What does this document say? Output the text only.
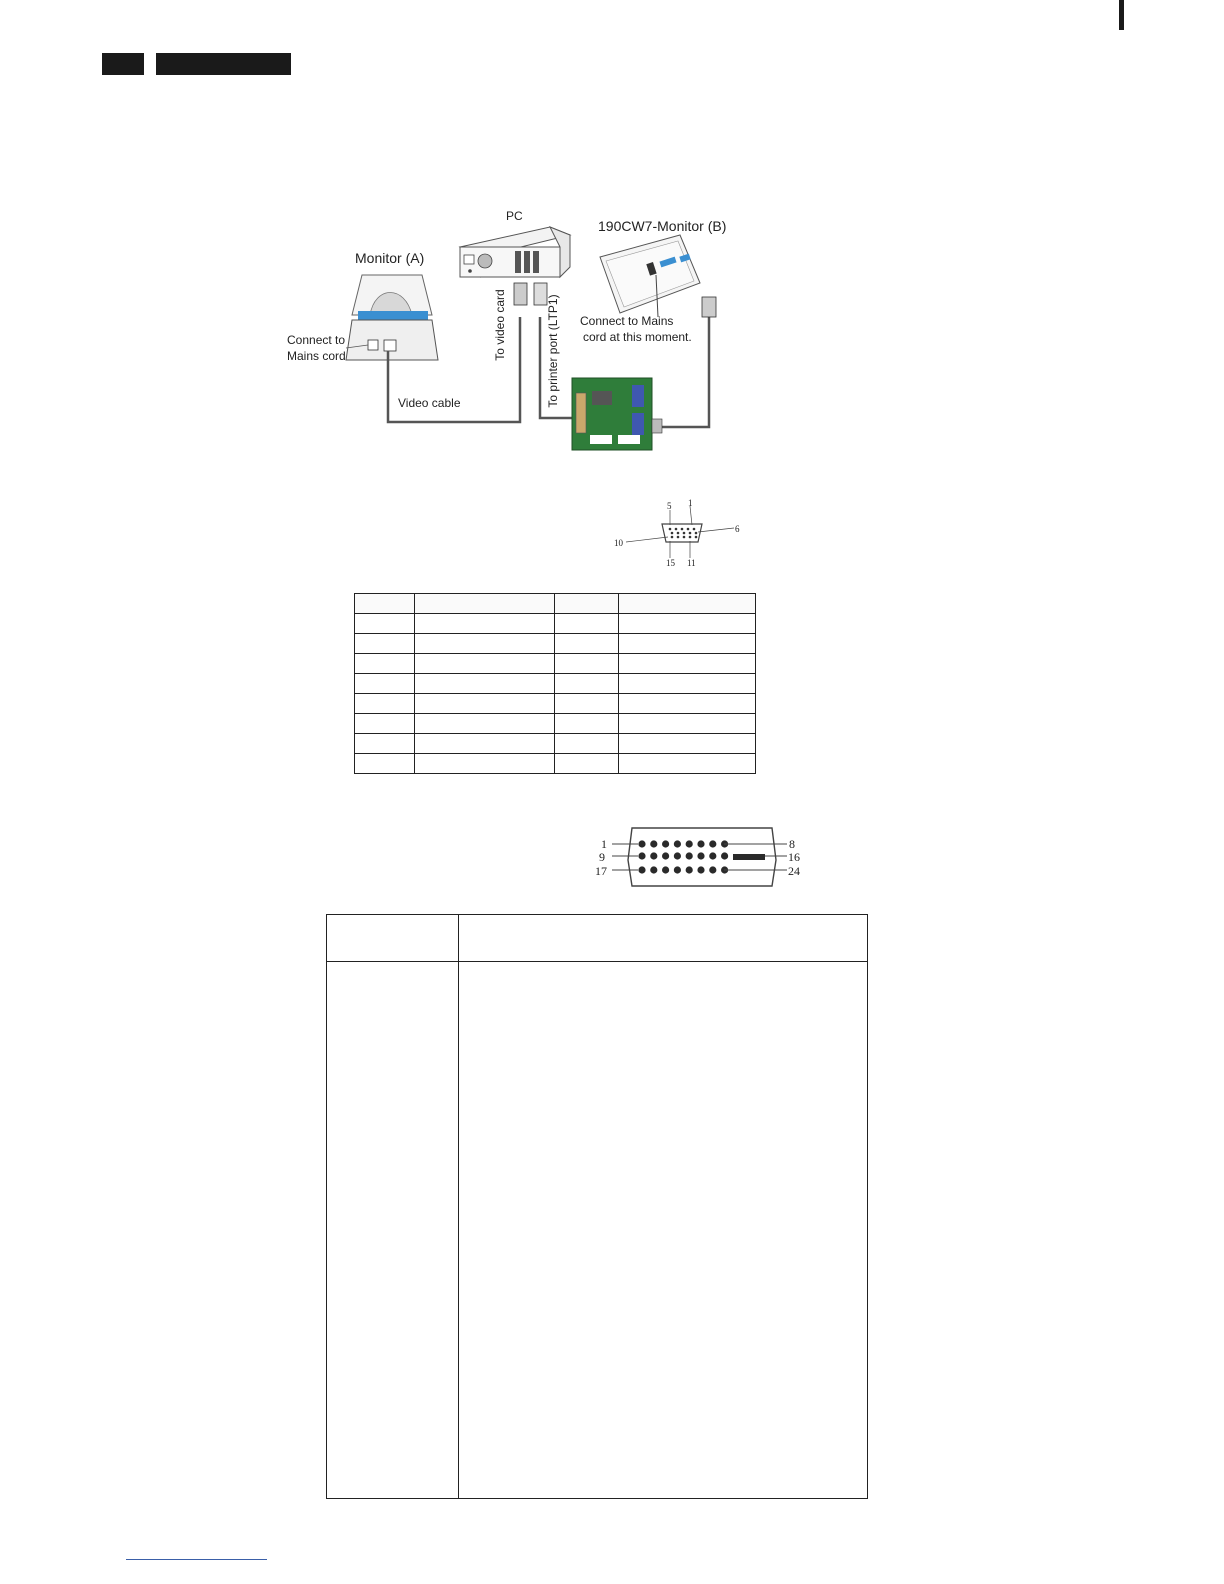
PC
190CW7-Monitor (B)
Monitor (A)
Connect to
Mains cord
Connect to Mains
cord at this moment.
Video cable
To video card	To printer port (LTP1)
5 1
6
10
15 11

1
9
17
8
16
24
